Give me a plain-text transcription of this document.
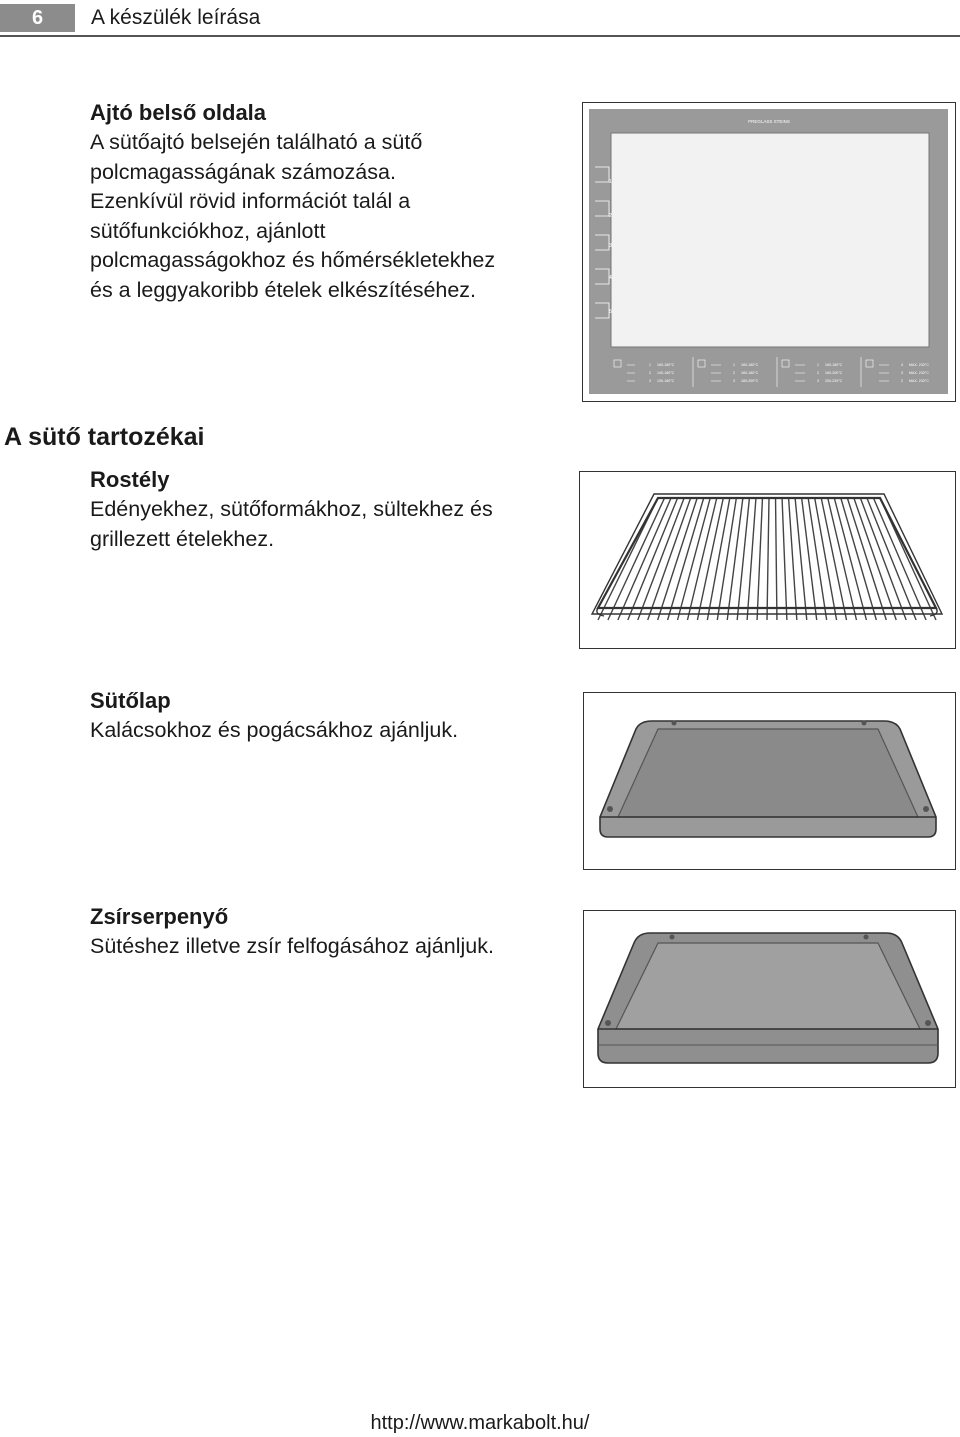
6	A készülék leírása
Ajtó belső oldala

A sütőajtó belsején található a sütő

polcmagasságának számozása.

Ezenkívül rövid információt talál a

sütőfunkciókhoz, ajánlott

polcmagasságokhoz és hőmérsékletekhez

és a leggyakoribb ételek elkészítéséhez.

PREGLASS STEINS
1
2
3
4
5
1 160-180°C
2 140-160°C
3 130-160°C
1 160-180°C
2 160-180°C
3 180-200°C
1 160-180°C
2 160-200°C
3 200-230°C
4 MAX. 230°C
3 MAX. 230°C
2 MAX. 230°C
A sütő tartozékai
Rostély

Edényekhez, sütőformákhoz, sültekhez és

grillezett ételekhez.

Sütőlap

Kalácsokhoz és pogácsákhoz ajánljuk.

Zsírserpenyő

Sütéshez illetve zsír felfogásához ajánljuk.

http://www.markabolt.hu/
